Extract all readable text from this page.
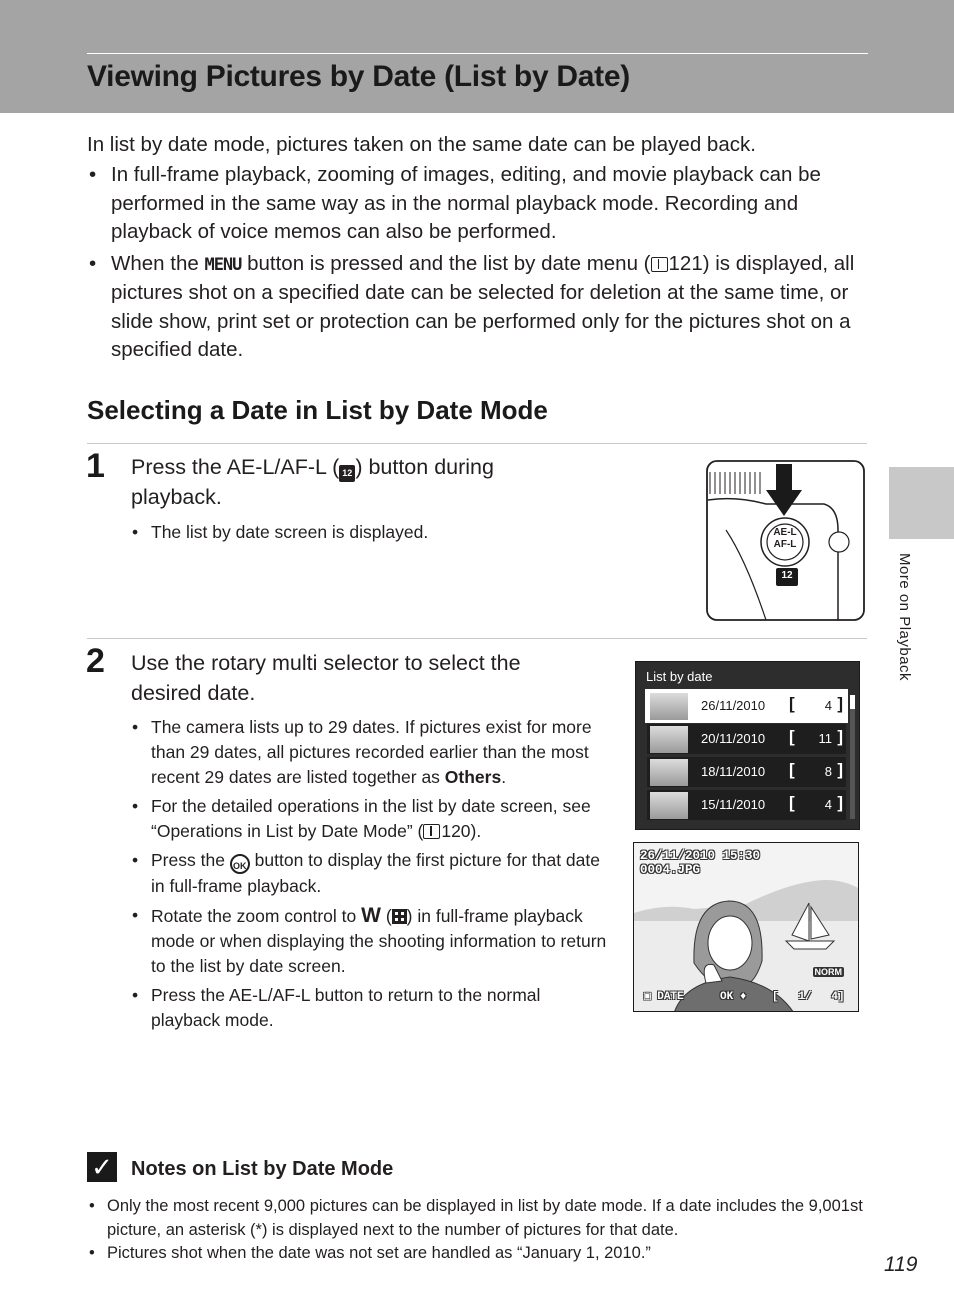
Viewing Pictures by Date (List by Date)

In list by date mode, pictures taken on the same date can be played back.

• In full-frame playback, zooming of images, editing, and movie playback can be performed in the same way as in the normal playback mode. Recording and playback of voice memos can also be performed.
• When the MENU button is pressed and the list by date menu ( 121) is displayed, all pictures shot on a specified date can be selected for deletion at the same time, or slide show, print set or protection can be performed only for the pictures shot on a specified date.
Selecting a Date in List by Date Mode
1 Press the AE-L/AF-L ( 12 ) button during playback.

• The list by date screen is displayed.	AE-L
AF-L
12
2 Use the rotary multi selector to select the desired date.

• The camera lists up to 29 dates. If pictures exist for more than 29 dates, all pictures recorded earlier than the most recent 29 dates are listed together as Others.
• For the detailed operations in the list by date screen, see “Operations in List by Date Mode” ( 120).
• Press the OK button to display the first picture for that date in full-frame playback.
• Rotate the zoom control to W ( ) in full-frame playback mode or when displaying the shooting information to return to the list by date screen.
• Press the AE-L/AF-L button to return to the normal playback mode.
List by date
26/11/2010 [ 4 ]
20/11/2010 [ 11 ]
18/11/2010 [ 8 ]
15/11/2010 [ 4 ]
26/11/2010 15:30
0004.JPG
NORM
▣ DATE	OK ♦ [   1/ 4]
More on Playback
✓ Notes on List by Date Mode
• Only the most recent 9,000 pictures can be displayed in list by date mode. If a date includes the 9,001st picture, an asterisk (*) is displayed next to the number of pictures for that date.
• Pictures shot when the date was not set are handled as “January 1, 2010.”	119
